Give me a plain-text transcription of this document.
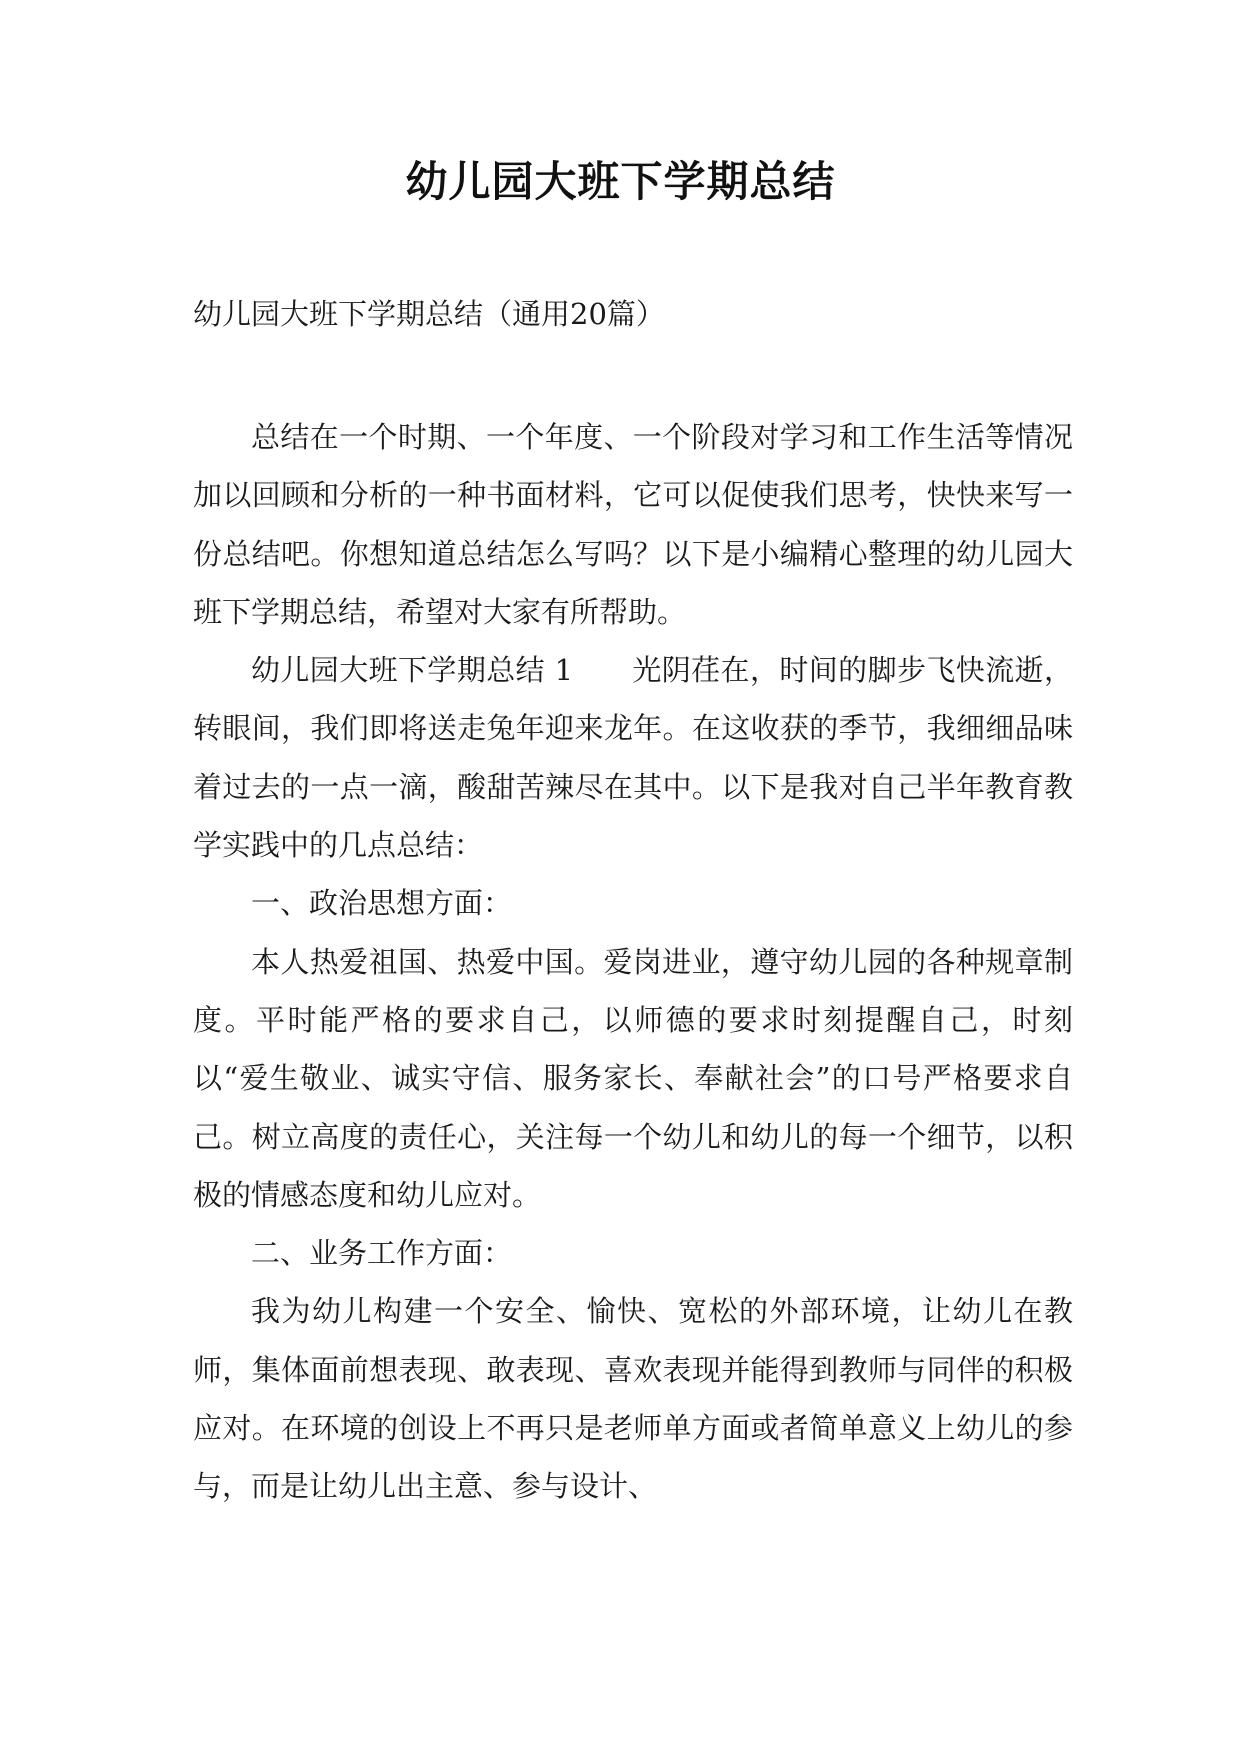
幼儿园大班下学期总结
幼儿园大班下学期总结（通用20篇）

总结在一个时期、一个年度、一个阶段对学习和工作生活等情况加以回顾和分析的一种书面材料，它可以促使我们思考，快快来写一份总结吧。你想知道总结怎么写吗？以下是小编精心整理的幼儿园大班下学期总结，希望对大家有所帮助。

幼儿园大班下学期总结 1　　光阴荏在，时间的脚步飞快流逝，转眼间，我们即将送走兔年迎来龙年。在这收获的季节，我细细品味着过去的一点一滴，酸甜苦辣尽在其中。以下是我对自己半年教育教学实践中的几点总结：

一、政治思想方面：

本人热爱祖国、热爱中国。爱岗进业，遵守幼儿园的各种规章制度。平时能严格的要求自己，以师德的要求时刻提醒自己，时刻以“爱生敬业、诚实守信、服务家长、奉献社会”的口号严格要求自己。树立高度的责任心，关注每一个幼儿和幼儿的每一个细节，以积极的情感态度和幼儿应对。

二、业务工作方面：

我为幼儿构建一个安全、愉快、宽松的外部环境，让幼儿在教师，集体面前想表现、敢表现、喜欢表现并能得到教师与同伴的积极应对。在环境的创设上不再只是老师单方面或者简单意义上幼儿的参与，而是让幼儿出主意、参与设计、
